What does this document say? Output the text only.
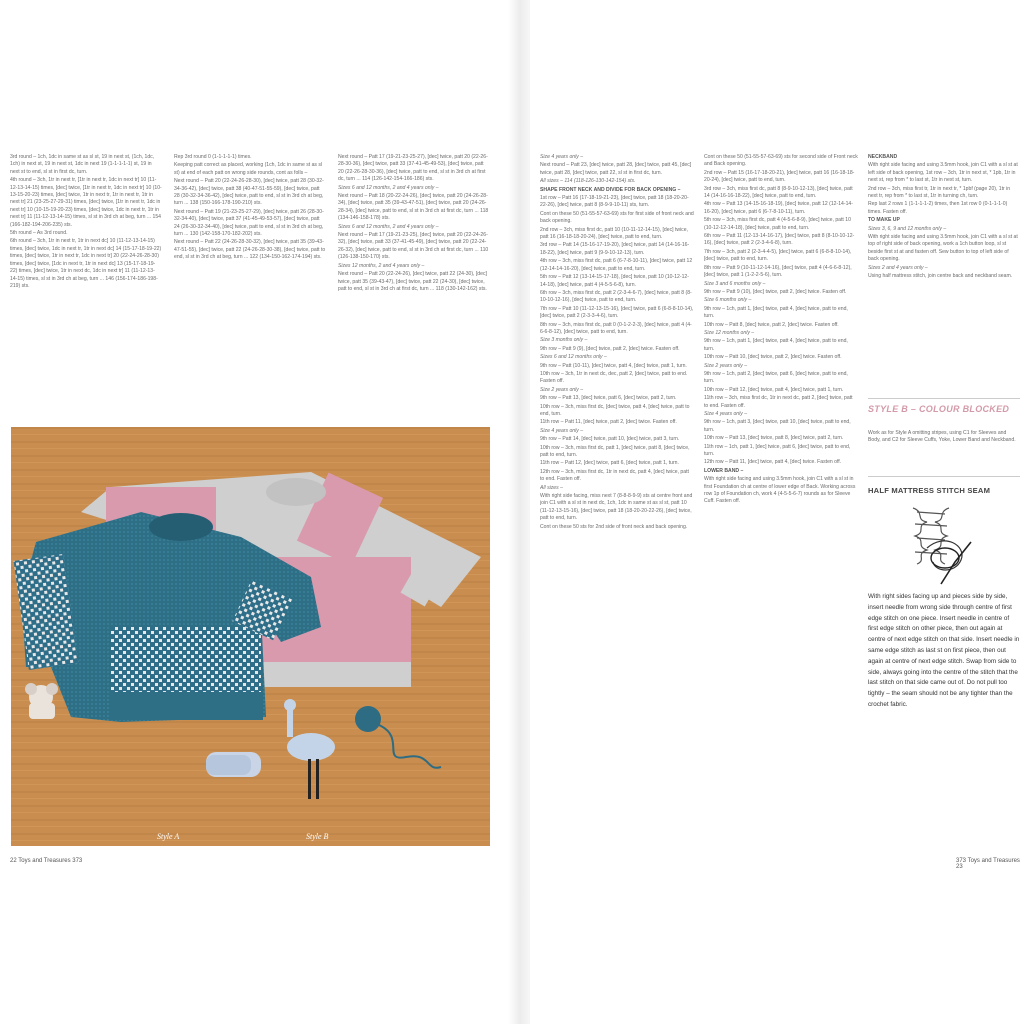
3rd round – 1ch, 1dc in same st as sl st, 19 in next st, (1ch, 1dc, 1ch) in next st, 19 in next st, 1dc in next 19 (1-1-1-1-1) st, 19 in next st to end, sl st in first dc, turn.

4th round – 3ch, 1tr in next tr, [1tr in next tr, 1dc in next tr] 10 (11-12-13-14-15) times, [dec] twice, [1tr in next tr, 1dc in next tr] 10 (10-13-15-20-23) times, [dec] twice, 1tr in next tr, 1tr in next tr, 1tr in next tr] 21 (23-25-27-29-31) times, [dec] twice, [1tr in next tr, 1dc in next tr] 10 (10-15-19-20-23) times, [dec] twice, 1dc in next tr, 1tr in next tr] 11 (11-12-13-14-15) times, sl st in 3rd ch at beg, turn ... 154 (166-182-194-206-235) sts.

5th round – As 3rd round.

6th round – 3ch, 1tr in next tr, 1tr in next dc] 10 (11-12-13-14-15) times, [dec] twice, 1dc in next tr, 1tr in next dc] 14 (15-17-18-19-22) times, [dec] twice, 1tr in next tr, 1dc in next tr] 20 (22-24-26-28-30) times, [dec] twice, [1dc in next tr, 1tr in next dc] 13 (15-17-18-19-22) times, [dec] twice, 1tr in next dc, 1dc in next tr] 11 (11-12-13-14-15) times, sl st in 3rd ch at beg, turn ... 146 (156-174-186-198-219) sts.

Rep 3rd round 0 (1-1-1-1-1) times.

Keeping patt correct as placed, working (1ch, 1dc in same st as sl st) at end of each patt on wrong side rounds, cont as folls –

Next round – Patt 20 (22-24-26-28-30), [dec] twice, patt 28 (30-32-34-36-42), [dec] twice, patt 38 (40-47-51-55-59), [dec] twice, patt 28 (30-32-34-36-42), [dec] twice, patt to end, sl st in 3rd ch at beg, turn ... 138 (150-166-178-190-210) sts.

Next round – Patt 19 (21-23-25-27-29), [dec] twice, patt 26 (28-30-32-34-40), [dec] twice, patt 37 (41-45-49-53-57), [dec] twice, patt 24 (26-30-32-34-40), [dec] twice, patt to end, sl st in 3rd ch at beg, turn ... 130 (142-158-170-182-202) sts.

Next round – Patt 22 (24-26-28-30-32), [dec] twice, patt 35 (39-43-47-51-55), [dec] twice, patt 22 (24-26-28-30-38), [dec] twice, patt to end, sl st in 3rd ch at beg, turn ... 122 (134-150-162-174-194) sts.

Next round – Patt 17 (19-21-23-25-27), [dec] twice, patt 20 (22-26-28-30-36), [dec] twice, patt 33 (37-41-45-49-53), [dec] twice, patt 20 (22-26-28-30-36), [dec] twice, patt to end, sl st in 3rd ch at first dc, turn ... 114 (126-142-154-166-186) sts.

Sizes 6 and 12 months, 2 and 4 years only –

Next round – Patt 18 (20-22-24-26), [dec] twice, patt 20 (24-26-28-34), [dec] twice, patt 35 (39-43-47-51), [dec] twice, patt 20 (24-26-28-34), [dec] twice, patt to end, sl st in 3rd ch at first dc, turn ... 118 (134-146-158-178) sts.

Sizes 6 and 12 months, 2 and 4 years only –

Next round – Patt 17 (19-21-23-25), [dec] twice, patt 20 (22-24-26-32), [dec] twice, patt 33 (37-41-45-49), [dec] twice, patt 20 (22-24-26-32), [dec] twice, patt to end, sl st in 3rd ch at first dc, turn ... 110 (126-138-150-170) sts.

Sizes 12 months, 2 and 4 years only –

Next round – Patt 20 (22-24-26), [dec] twice, patt 22 (24-30), [dec] twice, patt 35 (39-43-47), [dec] twice, patt 22 (24-30), [dec] twice, patt to end, sl st in 3rd ch at first dc, turn ... 118 (130-142-162) sts.

Style A	Style B
22 Toys and Treasures 373

Size 4 years only –

Next round – Patt 23, [dec] twice, patt 28, [dec] twice, patt 45, [dec] twice, patt 28, [dec] twice, patt 22, sl st in first dc, turn.

All sizes – 114 (118-126-130-142-154) sts.

SHAPE FRONT NECK AND DIVIDE FOR BACK OPENING –

1st row – Patt 16 (17-18-19-21-23), [dec] twice, patt 18 (18-20-20-22-26), [dec] twice, patt 8 (8-9-9-10-11) sts, turn.

Cont on these 50 (51-55-57-63-69) sts for first side of front neck and back opening.

2nd row – 3ch, miss first dc, patt 10 (10-11-12-14-15), [dec] twice, patt 16 (16-18-18-20-24), [dec] twice, patt to end, turn.

3rd row – Patt 14 (15-16-17-19-20), [dec] twice, patt 14 (14-16-16-18-22), [dec] twice, patt 9 (9-9-10-12-13), turn.

4th row – 3ch, miss first dc, patt 6 (6-7-8-10-11), [dec] twice, patt 12 (12-14-14-16-20), [dec] twice, patt to end, turn.

5th row – Patt 12 (13-14-15-17-18), [dec] twice, patt 10 (10-12-12-14-18), [dec] twice, patt 4 (4-5-5-6-8), turn.

6th row – 3ch, miss first dc, patt 2 (2-3-4-6-7), [dec] twice, patt 8 (8-10-10-12-16), [dec] twice, patt to end, turn.

7th row – Patt 10 (11-12-13-15-16), [dec] twice, patt 6 (6-8-8-10-14), [dec] twice, patt 2 (2-3-3-4-6), turn.

8th row – 3ch, miss first dc, patt 0 (0-1-2-2-3), [dec] twice, patt 4 (4-6-6-8-12), [dec] twice, patt to end, turn.

Size 3 months only –

9th row – Patt 9 (9), [dec] twice, patt 2, [dec] twice. Fasten off.

Sizes 6 and 12 months only –

9th row – Patt (10-11), [dec] twice, patt 4, [dec] twice, patt 1, turn.

10th row – 3ch, 1tr in next dc, dec, patt 2, [dec] twice, patt to end. Fasten off.

Size 2 years only –

9th row – Patt 13, [dec] twice, patt 6, [dec] twice, patt 2, turn.

10th row – 3ch, miss first dc, [dec] twice, patt 4, [dec] twice, patt to end, turn.

11th row – Patt 11, [dec] twice, patt 2, [dec] twice. Fasten off.

Size 4 years only –

9th row – Patt 14, [dec] twice, patt 10, [dec] twice, patt 3, turn.

10th row – 3ch, miss first dc, patt 1, [dec] twice, patt 8, [dec] twice, patt to end, turn.

11th row – Patt 12, [dec] twice, patt 6, [dec] twice, patt 1, turn.

12th row – 3ch, miss first dc, 1tr in next dc, patt 4, [dec] twice, patt to end. Fasten off.

All sizes –

With right side facing, miss next 7 (8-8-8-9-9) sts at centre front and join C1 with a sl st in next dc, 1ch, 1dc in same st as sl st, patt 10 (11-12-13-15-16), [dec] twice, patt 18 (18-20-20-22-26), [dec] twice, patt to end, turn.

Cont on these 50 sts for 2nd side of front neck and back opening.

Cont on these 50 (51-55-57-63-69) sts for second side of Front neck and Back opening.

2nd row – Patt 15 (16-17-18-20-21), [dec] twice, patt 16 (16-18-18-20-24), [dec] twice, patt to end, turn.

3rd row – 3ch, miss first dc, patt 8 (8-9-10-12-13), [dec] twice, patt 14 (14-16-16-18-22), [dec] twice, patt to end, turn.

4th row – Patt 13 (14-15-16-18-19), [dec] twice, patt 12 (12-14-14-16-20), [dec] twice, patt 6 (6-7-8-10-11), turn.

5th row – 3ch, miss first dc, patt 4 (4-5-6-8-9), [dec] twice, patt 10 (10-12-12-14-18), [dec] twice, patt to end, turn.

6th row – Patt 11 (12-13-14-16-17), [dec] twice, patt 8 (8-10-10-12-16), [dec] twice, patt 2 (2-3-4-6-8), turn.

7th row – 3ch, patt 2 (2-3-4-4-5), [dec] twice, patt 6 (6-8-8-10-14), [dec] twice, patt to end, turn.

8th row – Patt 9 (10-11-12-14-16), [dec] twice, patt 4 (4-6-6-8-12), [dec] twice, patt 1 (1-2-2-5-6), turn.

Size 3 and 6 months only –

9th row – Patt 9 (10), [dec] twice, patt 2, [dec] twice. Fasten off.

Size 6 months only –

9th row – 1ch, patt 1, [dec] twice, patt 4, [dec] twice, patt to end, turn.

10th row – Patt 8, [dec] twice, patt 2, [dec] twice. Fasten off.

Size 12 months only –

9th row – 1ch, patt 1, [dec] twice, patt 4, [dec] twice, patt to end, turn.

10th row – Patt 10, [dec] twice, patt 2, [dec] twice. Fasten off.

Size 2 years only –

9th row – 1ch, patt 2, [dec] twice, patt 6, [dec] twice, patt to end, turn.

10th row – Patt 12, [dec] twice, patt 4, [dec] twice, patt 1, turn.

11th row – 3ch, miss first dc, 1tr in next dc, patt 2, [dec] twice, patt to end. Fasten off.

Size 4 years only –

9th row – 1ch, patt 3, [dec] twice, patt 10, [dec] twice, patt to end, turn.

10th row – Patt 13, [dec] twice, patt 8, [dec] twice, patt 2, turn.

11th row – 1ch, patt 1, [dec] twice, patt 6, [dec] twice, patt to end, turn.

12th row – Patt 11, [dec] twice, patt 4, [dec] twice. Fasten off.

LOWER BAND –

With right side facing and using 3.5mm hook, join C1 with a sl st in first Foundation ch at centre of lower edge of Back. Working across row 1p of Foundation ch, work 4 (4-5-5-6-7) rounds as for Sleeve Cuff. Fasten off.

NECKBAND

With right side facing and using 3.5mm hook, join C1 with a sl st at left side of back opening, 1st row – 3ch, 1tr in next st, * 1pb, 1tr in next st, rep from * to last st, 1tr in next st, turn.

2nd row – 3ch, miss first tr, 1tr in next tr, * 1pbf (page 20), 1tr in next tr, rep from * to last st, 1tr in turning ch, turn.

Rep last 2 rows 1 (1-1-1-1-2) times, then 1st row 0 (0-1-1-1-0) times. Fasten off.

TO MAKE UP

Sizes 3, 6, 9 and 12 months only –

With right side facing and using 3.5mm hook, join C1 with a sl st at top of right side of back opening, work a 1ch button loop, sl st beside first st at and fasten off. Sew button to top of left side of back opening.

Sizes 2 and 4 years only –

Using half mattress stitch, join centre back and neckband seam.

STYLE B – COLOUR BLOCKED
Work as for Style A omitting stripes, using C1 for Sleeves and Body, and C2 for Sleeve Cuffs, Yoke, Lower Band and Neckband.
HALF MATTRESS STITCH SEAM
With right sides facing up and pieces side by side, insert needle from wrong side through centre of first edge stitch on one piece. Insert needle in centre of first edge stitch on other piece, then out again at centre of next edge stitch on that side. Insert needle in same edge stitch as last st on first piece, then out again at centre of next edge stitch. Swap from side to side, always going into the centre of the stitch that the last stitch on that side came out of. Do not pull too tightly – the seam should not be any tighter than the crochet fabric.
373 Toys and Treasures 23
